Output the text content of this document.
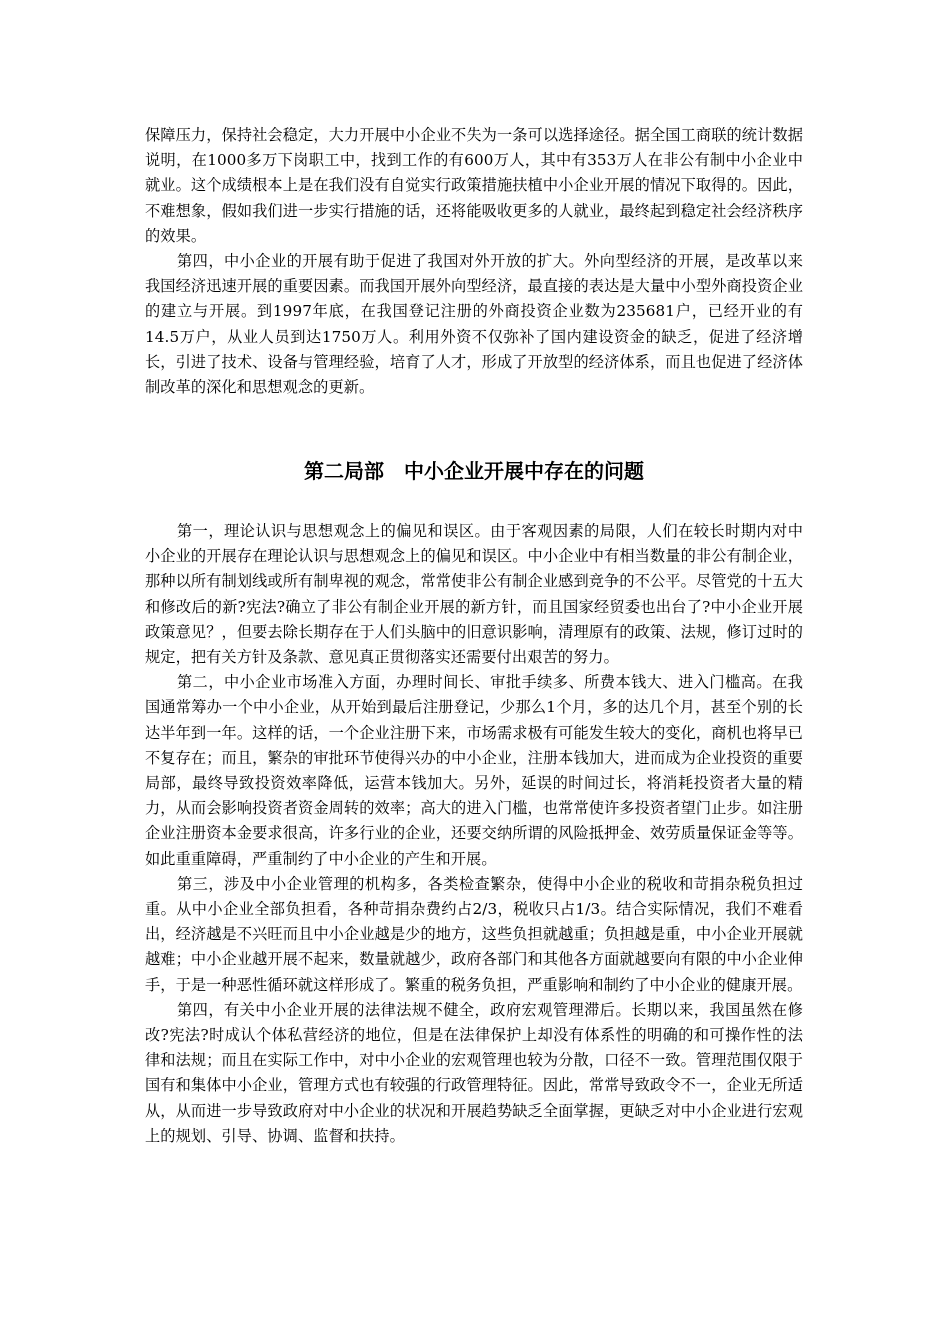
保障压力，保持社会稳定，大力开展中小企业不失为一条可以选择途径。据全国工商联的统计数据说明，在1000多万下岗职工中，找到工作的有600万人，其中有353万人在非公有制中小企业中就业。这个成绩根本上是在我们没有自觉实行政策措施扶植中小企业开展的情况下取得的。因此，不难想象，假如我们进一步实行措施的话，还将能吸收更多的人就业，最终起到稳定社会经济秩序的效果。

第四，中小企业的开展有助于促进了我国对外开放的扩大。外向型经济的开展，是改革以来我国经济迅速开展的重要因素。而我国开展外向型经济，最直接的表达是大量中小型外商投资企业的建立与开展。到1997年底，在我国登记注册的外商投资企业数为235681户，已经开业的有14.5万户，从业人员到达1750万人。利用外资不仅弥补了国内建设资金的缺乏，促进了经济增长，引进了技术、设备与管理经验，培育了人才，形成了开放型的经济体系，而且也促进了经济体制改革的深化和思想观念的更新。

第二局部　中小企业开展中存在的问题

第一，理论认识与思想观念上的偏见和误区。由于客观因素的局限，人们在较长时期内对中小企业的开展存在理论认识与思想观念上的偏见和误区。中小企业中有相当数量的非公有制企业，那种以所有制划线或所有制卑视的观念，常常使非公有制企业感到竞争的不公平。尽管党的十五大和修改后的新?宪法?确立了非公有制企业开展的新方针，而且国家经贸委也出台了?中小企业开展政策意见？，但要去除长期存在于人们头脑中的旧意识影响，清理原有的政策、法规，修订过时的规定，把有关方针及条款、意见真正贯彻落实还需要付出艰苦的努力。

第二，中小企业市场准入方面，办理时间长、审批手续多、所费本钱大、进入门槛高。在我国通常筹办一个中小企业，从开始到最后注册登记，少那么1个月，多的达几个月，甚至个别的长达半年到一年。这样的话，一个企业注册下来，市场需求极有可能发生较大的变化，商机也将早已不复存在；而且，繁杂的审批环节使得兴办的中小企业，注册本钱加大，进而成为企业投资的重要局部，最终导致投资效率降低，运营本钱加大。另外，延误的时间过长，将消耗投资者大量的精力，从而会影响投资者资金周转的效率；高大的进入门槛，也常常使许多投资者望门止步。如注册企业注册资本金要求很高，许多行业的企业，还要交纳所谓的风险抵押金、效劳质量保证金等等。如此重重障碍，严重制约了中小企业的产生和开展。

第三，涉及中小企业管理的机构多，各类检查繁杂，使得中小企业的税收和苛捐杂税负担过重。从中小企业全部负担看，各种苛捐杂费约占2/3，税收只占1/3。结合实际情况，我们不难看出，经济越是不兴旺而且中小企业越是少的地方，这些负担就越重；负担越是重，中小企业开展就越难；中小企业越开展不起来，数量就越少，政府各部门和其他各方面就越要向有限的中小企业伸手，于是一种恶性循环就这样形成了。繁重的税务负担，严重影响和制约了中小企业的健康开展。

第四，有关中小企业开展的法律法规不健全，政府宏观管理滞后。长期以来，我国虽然在修改?宪法?时成认个体私营经济的地位，但是在法律保护上却没有体系性的明确的和可操作性的法律和法规；而且在实际工作中，对中小企业的宏观管理也较为分散，口径不一致。管理范围仅限于国有和集体中小企业，管理方式也有较强的行政管理特征。因此，常常导致政令不一，企业无所适从，从而进一步导致政府对中小企业的状况和开展趋势缺乏全面掌握，更缺乏对中小企业进行宏观上的规划、引导、协调、监督和扶持。
